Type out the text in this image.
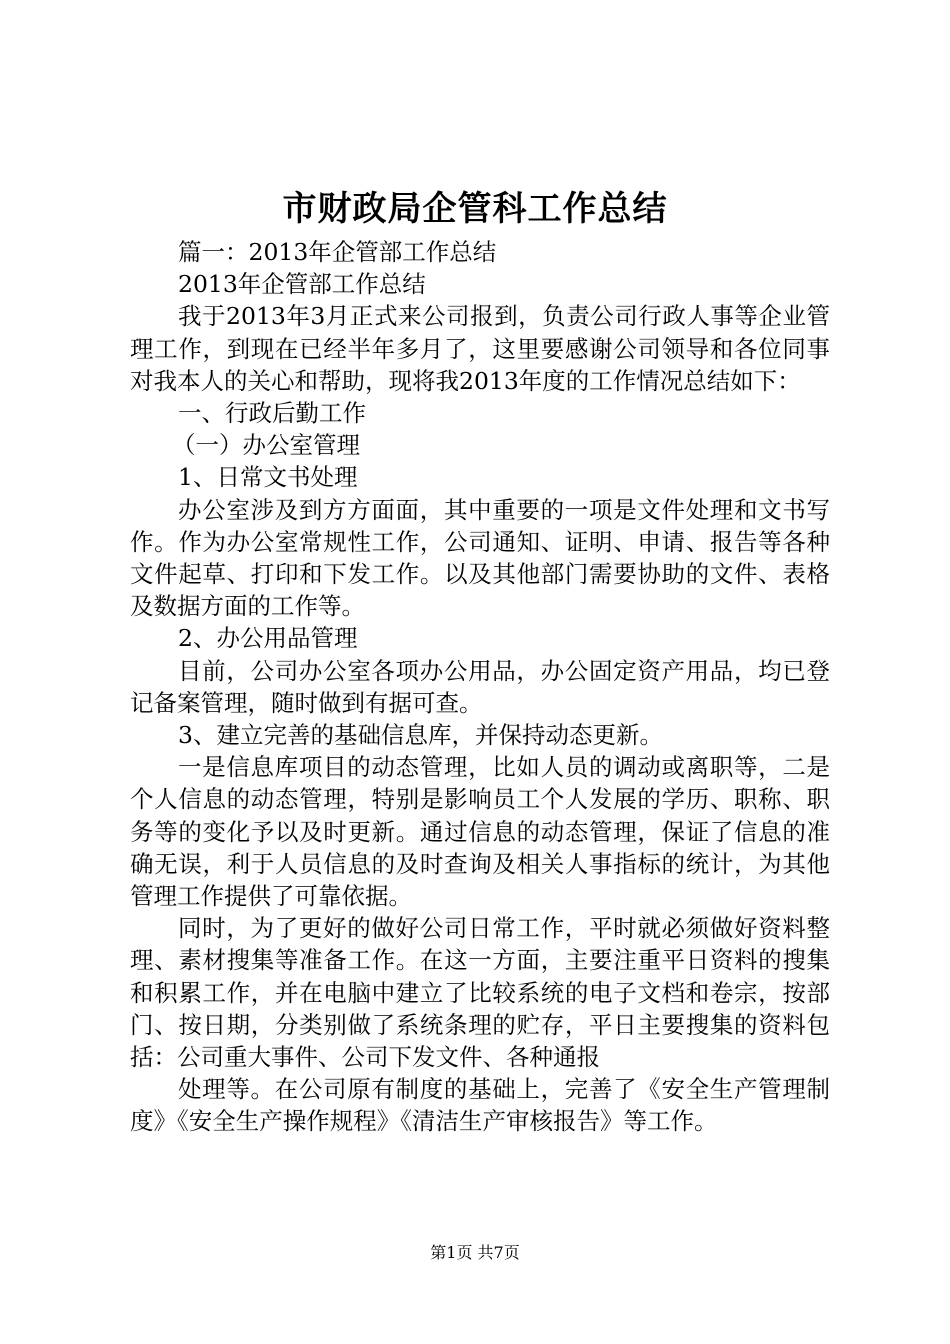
市财政局企管科工作总结

篇一：2013年企管部工作总结

2013年企管部工作总结

我于2013年3月正式来公司报到，负责公司行政人事等企业管理工作，到现在已经半年多月了，这里要感谢公司领导和各位同事对我本人的关心和帮助，现将我2013年度的工作情况总结如下：

一、行政后勤工作

（一）办公室管理

1、日常文书处理

办公室涉及到方方面面，其中重要的一项是文件处理和文书写作。作为办公室常规性工作，公司通知、证明、申请、报告等各种文件起草、打印和下发工作。以及其他部门需要协助的文件、表格及数据方面的工作等。

2、办公用品管理

目前，公司办公室各项办公用品，办公固定资产用品，均已登记备案管理，随时做到有据可查。

3、建立完善的基础信息库，并保持动态更新。

一是信息库项目的动态管理，比如人员的调动或离职等，二是个人信息的动态管理，特别是影响员工个人发展的学历、职称、职务等的变化予以及时更新。通过信息的动态管理，保证了信息的准确无误，利于人员信息的及时查询及相关人事指标的统计，为其他管理工作提供了可靠依据。

同时，为了更好的做好公司日常工作，平时就必须做好资料整理、素材搜集等准备工作。在这一方面，主要注重平日资料的搜集和积累工作，并在电脑中建立了比较系统的电子文档和卷宗，按部门、按日期，分类别做了系统条理的贮存，平日主要搜集的资料包括：公司重大事件、公司下发文件、各种通报

处理等。在公司原有制度的基础上，完善了《安全生产管理制度》《安全生产操作规程》《清洁生产审核报告》等工作。

第1页 共7页
